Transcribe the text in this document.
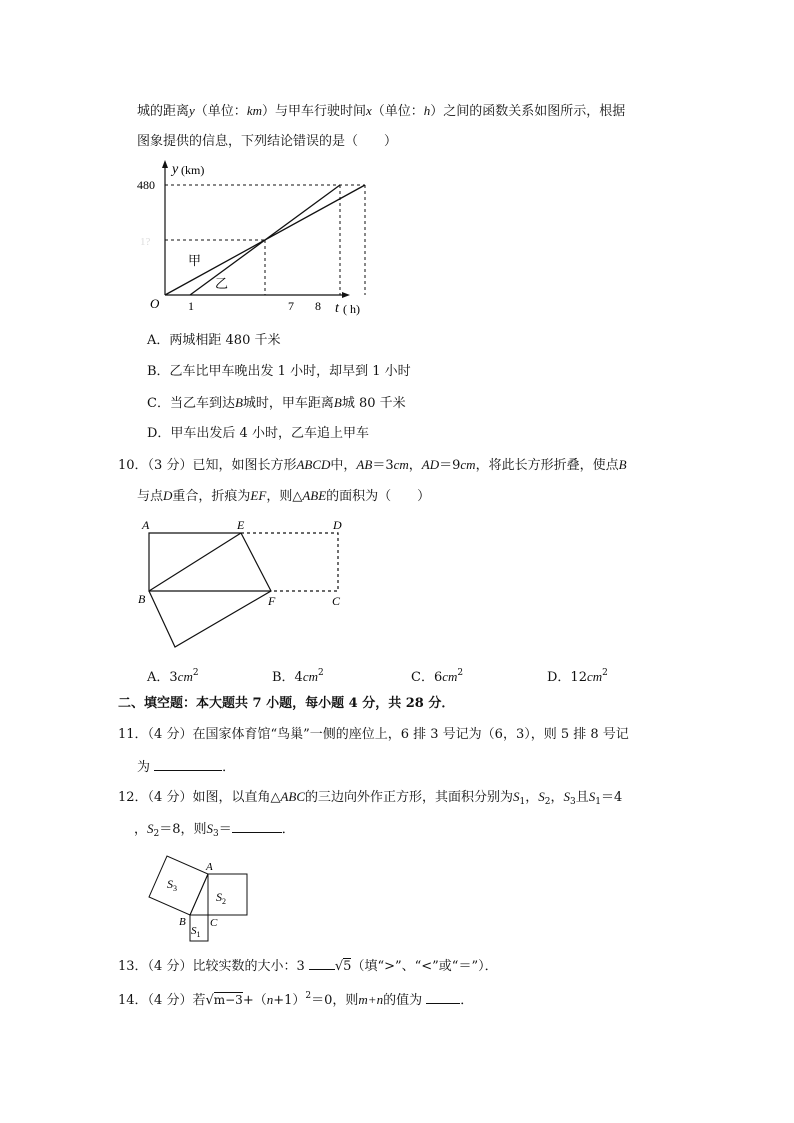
城的距离y（单位：km）与甲车行驶时间x（单位：h）之间的函数关系如图所示，根据
图象提供的信息，下列结论错误的是（　　）
y (km)
480
1?
O 1	7 8 t ( h)
甲
乙
A．两城相距 480 千米
B．乙车比甲车晚出发 1 小时，却早到 1 小时
C．当乙车到达B城时，甲车距离B城 80 千米
D．甲车出发后 4 小时，乙车追上甲车
10．（3 分）已知，如图长方形ABCD中，AB＝3cm，AD＝9cm，将此长方形折叠，使点B
与点D重合，折痕为EF，则△ABE的面积为（　　）
A	E	D
B	F	C
A．$3cm^2$	B．$4cm^2$	C．$6cm^2$	D．$12cm^2$
二、填空题：本大题共 7 小题，每小题 4 分，共 28 分．
11．（4 分）在国家体育馆“鸟巢”一侧的座位上，6 排 3 号记为（6，3），则 5 排 8 号记
为	．
12．（4 分）如图，以直角△ABC的三边向外作正方形，其面积分别为$S_1$，$S_2$，$S_3$且$S_1=4$
，$S_2=8$，则$S_3=$	．
$S_3$
$S_2$
$S_1$
A
B C
13．（4 分）比较实数的大小：3 √5（填“>”、“<”或“＝”）．
14．（4 分）若$√m-3+(n+1)^2=0$，则m+n的值为	．
